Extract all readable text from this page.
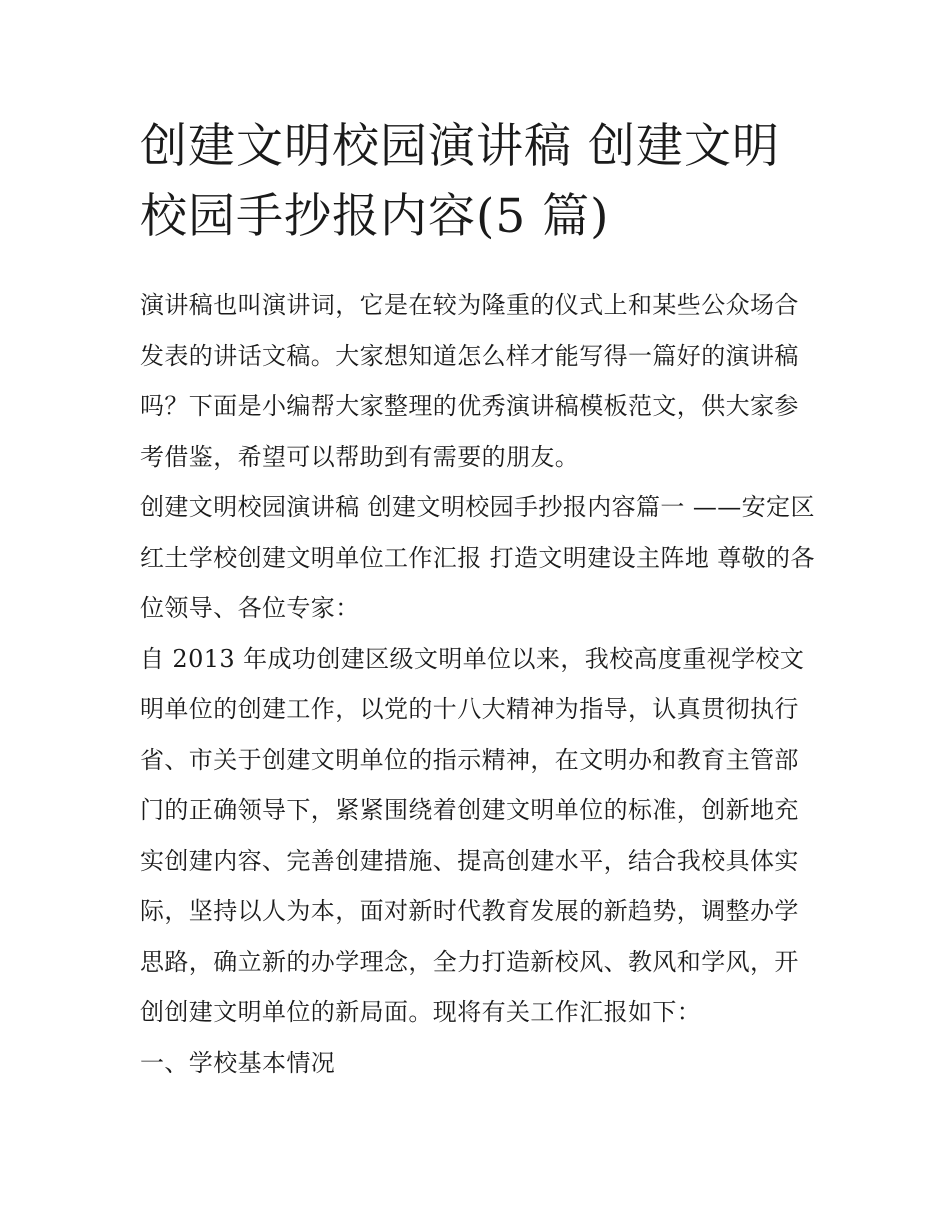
创建文明校园演讲稿 创建文明
校园手抄报内容(5 篇)

演讲稿也叫演讲词，它是在较为隆重的仪式上和某些公众场合发表的讲话文稿。大家想知道怎么样才能写得一篇好的演讲稿吗？下面是小编帮大家整理的优秀演讲稿模板范文，供大家参考借鉴，希望可以帮助到有需要的朋友。

创建文明校园演讲稿 创建文明校园手抄报内容篇一 ——安定区红土学校创建文明单位工作汇报 打造文明建设主阵地 尊敬的各位领导、各位专家：

自 2013 年成功创建区级文明单位以来，我校高度重视学校文明单位的创建工作，以党的十八大精神为指导，认真贯彻执行省、市关于创建文明单位的指示精神，在文明办和教育主管部门的正确领导下，紧紧围绕着创建文明单位的标准，创新地充实创建内容、完善创建措施、提高创建水平，结合我校具体实际，坚持以人为本，面对新时代教育发展的新趋势，调整办学思路，确立新的办学理念，全力打造新校风、教风和学风，开创创建文明单位的新局面。现将有关工作汇报如下：

一、学校基本情况
